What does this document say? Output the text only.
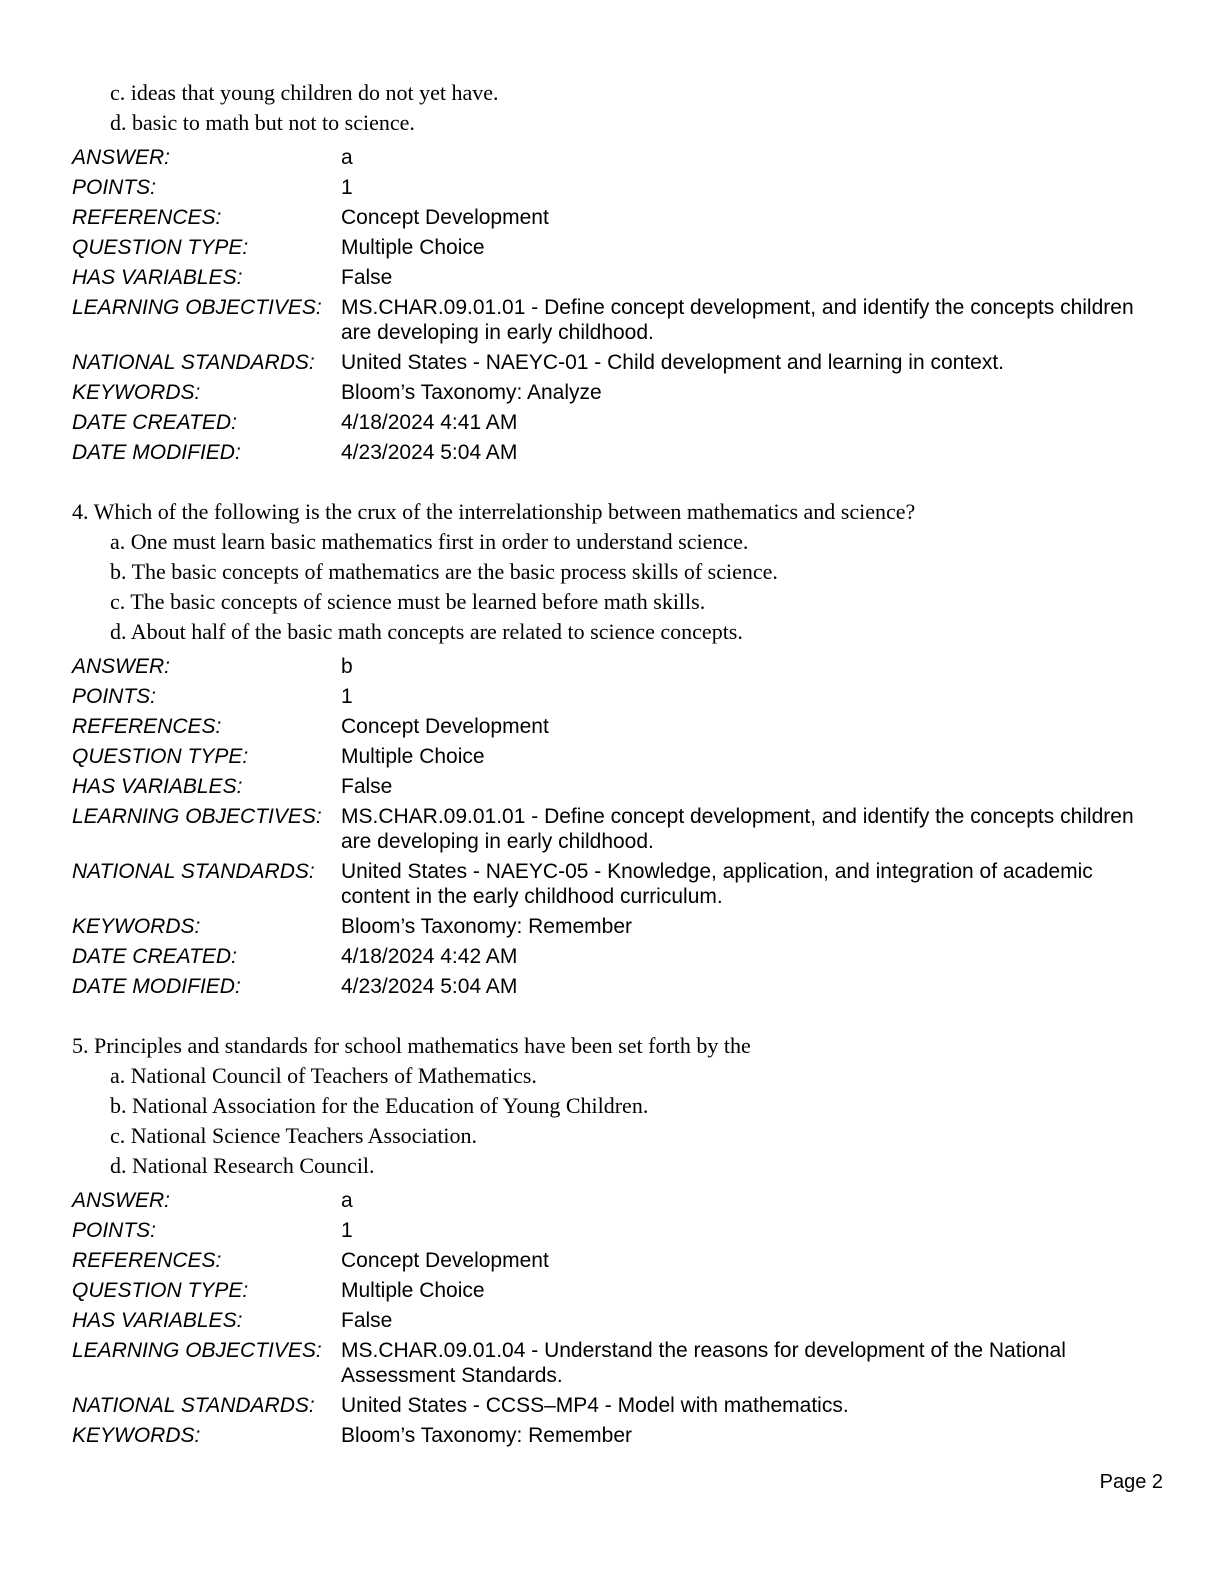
c. ideas that young children do not yet have.
d. basic to math but not to science.
ANSWER:	a
POINTS:	1
REFERENCES:	Concept Development
QUESTION TYPE:	Multiple Choice
HAS VARIABLES:	False
LEARNING OBJECTIVES: MS.CHAR.09.01.01 - Define concept development, and identify the concepts children are developing in early childhood.
NATIONAL STANDARDS:	United States - NAEYC-01 - Child development and learning in context.
KEYWORDS:	Bloom’s Taxonomy: Analyze
DATE CREATED:	4/18/2024 4:41 AM
DATE MODIFIED:	4/23/2024 5:04 AM
4. Which of the following is the crux of the interrelationship between mathematics and science?
a. One must learn basic mathematics first in order to understand science.
b. The basic concepts of mathematics are the basic process skills of science.
c. The basic concepts of science must be learned before math skills.
d. About half of the basic math concepts are related to science concepts.
ANSWER:	b
POINTS:	1
REFERENCES:	Concept Development
QUESTION TYPE:	Multiple Choice
HAS VARIABLES:	False
LEARNING OBJECTIVES: MS.CHAR.09.01.01 - Define concept development, and identify the concepts children are developing in early childhood.
NATIONAL STANDARDS:	United States - NAEYC-05 - Knowledge, application, and integration of academic content in the early childhood curriculum.
KEYWORDS:	Bloom’s Taxonomy: Remember
DATE CREATED:	4/18/2024 4:42 AM
DATE MODIFIED:	4/23/2024 5:04 AM
5. Principles and standards for school mathematics have been set forth by the
a. National Council of Teachers of Mathematics.
b. National Association for the Education of Young Children.
c. National Science Teachers Association.
d. National Research Council.
ANSWER:	a
POINTS:	1
REFERENCES:	Concept Development
QUESTION TYPE:	Multiple Choice
HAS VARIABLES:	False
LEARNING OBJECTIVES: MS.CHAR.09.01.04 - Understand the reasons for development of the National Assessment Standards.
NATIONAL STANDARDS:	United States - CCSS–MP4 - Model with mathematics.
KEYWORDS:	Bloom’s Taxonomy: Remember
Page 2
